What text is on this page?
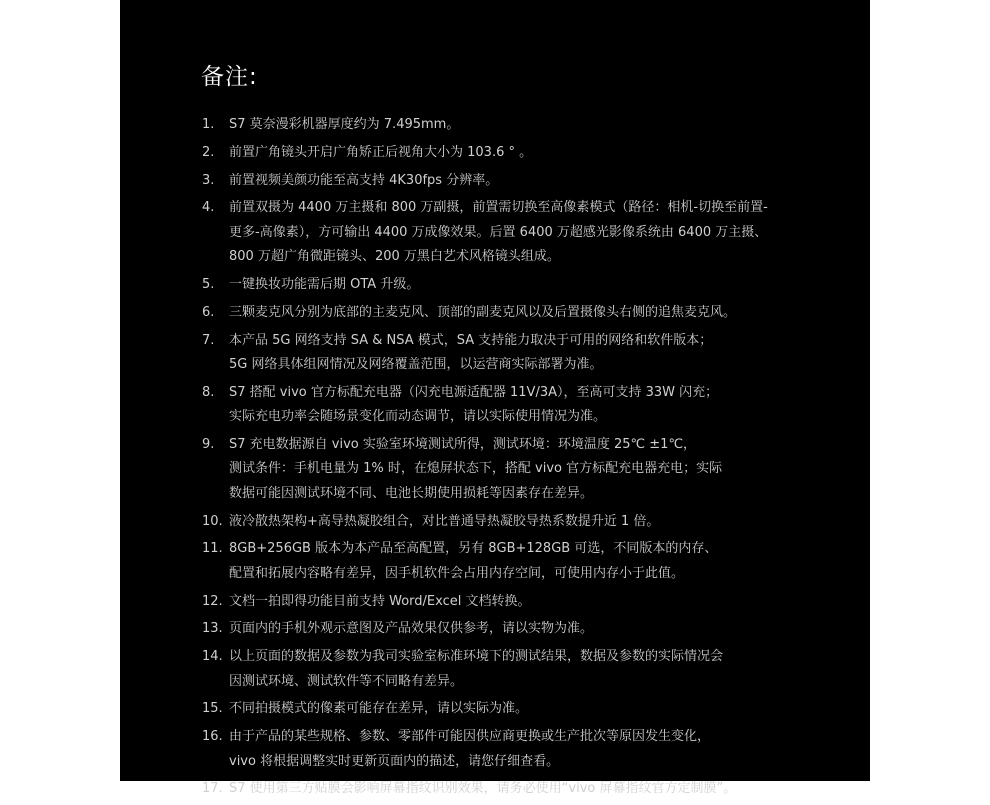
备注:
1.	S7 莫奈漫彩机器厚度约为 7.495mm。
2.	前置广角镜头开启广角矫正后视角大小为 103.6 ° 。
3.	前置视频美颜功能至高支持 4K30fps 分辨率。
4.	前置双摄为 4400 万主摄和 800 万副摄，前置需切换至高像素模式（路径：相机-切换至前置-
更多-高像素），方可输出 4400 万成像效果。后置 6400 万超感光影像系统由 6400 万主摄、
800 万超广角微距镜头、200 万黑白艺术风格镜头组成。
5.	一键换妆功能需后期 OTA 升级。
6.	三颗麦克风分别为底部的主麦克风、顶部的副麦克风以及后置摄像头右侧的追焦麦克风。
7.	本产品 5G 网络支持 SA & NSA 模式，SA 支持能力取决于可用的网络和软件版本；
5G 网络具体组网情况及网络覆盖范围，以运营商实际部署为准。
8.	S7 搭配 vivo 官方标配充电器（闪充电源适配器 11V/3A），至高可支持 33W 闪充；
实际充电功率会随场景变化而动态调节，请以实际使用情况为准。
9.	S7 充电数据源自 vivo 实验室环境测试所得，测试环境：环境温度 25℃ ±1℃，
测试条件：手机电量为 1% 时，在熄屏状态下，搭配 vivo 官方标配充电器充电；实际
数据可能因测试环境不同、电池长期使用损耗等因素存在差异。
10. 液冷散热架构+高导热凝胶组合，对比普通导热凝胶导热系数提升近 1 倍。
11. 8GB+256GB 版本为本产品至高配置，另有 8GB+128GB 可选，不同版本的内存、
配置和拓展内容略有差异，因手机软件会占用内存空间，可使用内存小于此值。
12. 文档一拍即得功能目前支持 Word/Excel 文档转换。
13. 页面内的手机外观示意图及产品效果仅供参考，请以实物为准。
14. 以上页面的数据及参数为我司实验室标准环境下的测试结果，数据及参数的实际情况会
因测试环境、测试软件等不同略有差异。
15. 不同拍摄模式的像素可能存在差异，请以实际为准。
16. 由于产品的某些规格、参数、零部件可能因供应商更换或生产批次等原因发生变化，
vivo 将根据调整实时更新页面内的描述，请您仔细查看。
17. S7 使用第三方贴膜会影响屏幕指纹识别效果，请务必使用“vivo 屏幕指纹官方定制膜”。
